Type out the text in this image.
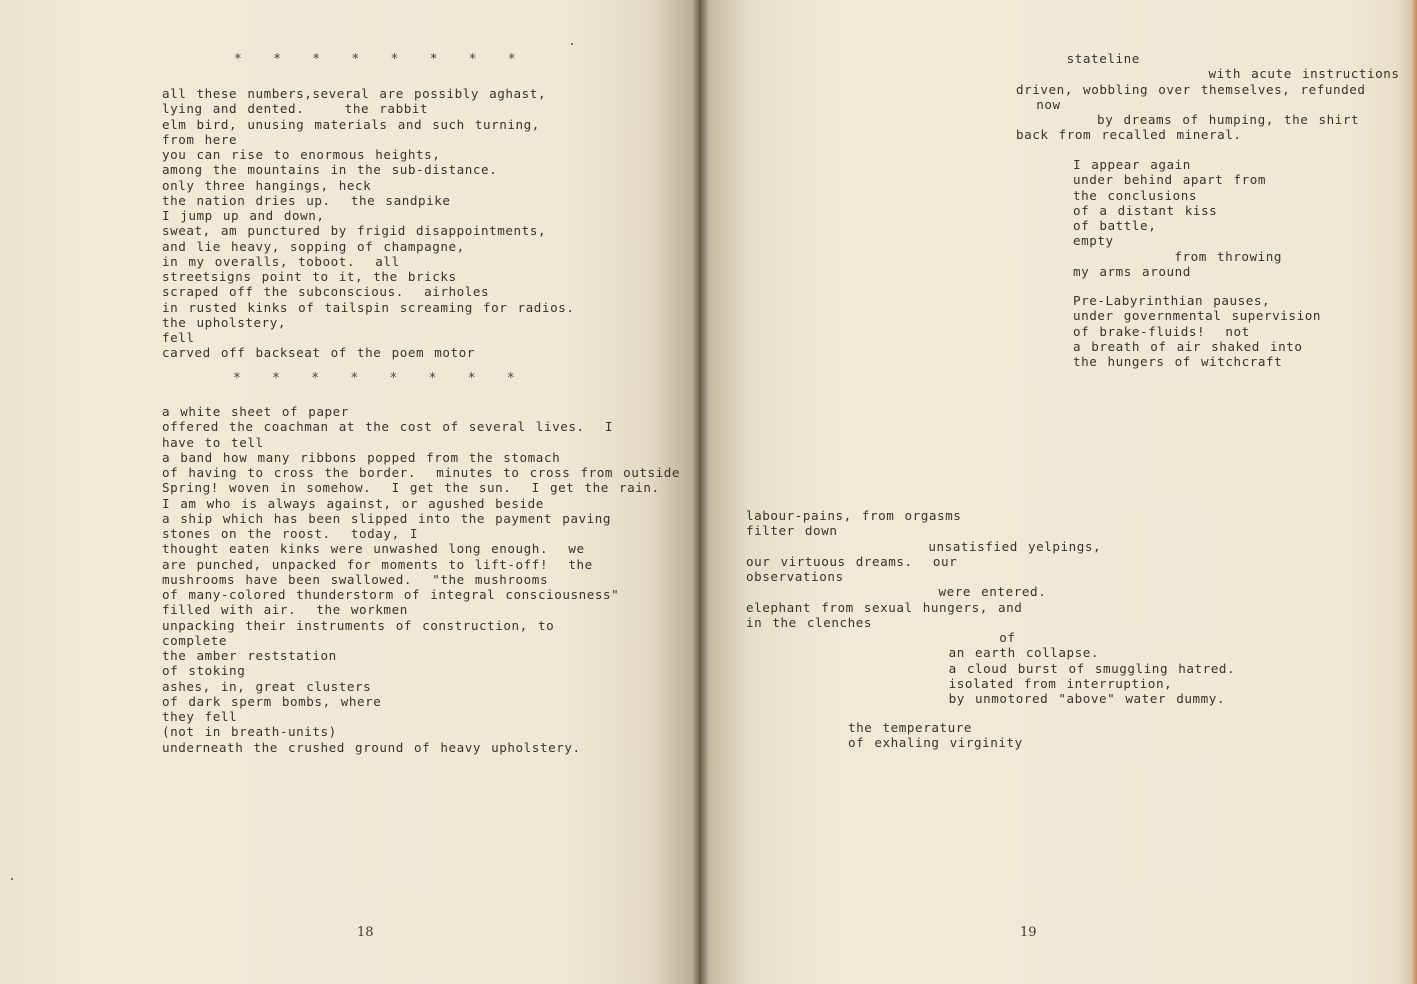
*    *    *    *    *    *    *    *
all these numbers,several are possibly aghast,
lying and dented.    the rabbit
elm bird, unusing materials and such turning,
from here
you can rise to enormous heights,
among the mountains in the sub-distance.
only three hangings, heck
the nation dries up.  the sandpike
I jump up and down,
sweat, am punctured by frigid disappointments,
and lie heavy, sopping of champagne,
in my overalls, toboot.  all
streetsigns point to it, the bricks
scraped off the subconscious.  airholes
in rusted kinks of tailspin screaming for radios.
the upholstery,
fell
carved off backseat of the poem motor
*    *    *    *    *    *    *    *
a white sheet of paper
offered the coachman at the cost of several lives.  I
have to tell
a band how many ribbons popped from the stomach
of having to cross the border.  minutes to cross from outside
Spring! woven in somehow.  I get the sun.  I get the rain.
I am who is always against, or agushed beside
a ship which has been slipped into the payment paving
stones on the roost.  today, I
thought eaten kinks were unwashed long enough.  we
are punched, unpacked for moments to lift-off!  the
mushrooms have been swallowed.  "the mushrooms
of many-colored thunderstorm of integral consciousness"
filled with air.  the workmen
unpacking their instruments of construction, to
complete
the amber reststation
of stoking
ashes, in, great clusters
of dark sperm bombs, where
they fell
(not in breath-units)
underneath the crushed ground of heavy upholstery.

18

stateline
with acute instructions
driven, wobbling over themselves, refunded
now
by dreams of humping, the shirt
back from recalled mineral.
I appear again
under behind apart from
the conclusions
of a distant kiss
of battle,
empty
from throwing
my arms around
Pre-Labyrinthian pauses,
under governmental supervision
of brake-fluids!  not
a breath of air shaked into
the hungers of witchcraft
labour-pains, from orgasms
filter down
unsatisfied yelpings,
our virtuous dreams.  our
observations
were entered.
elephant from sexual hungers, and
in the clenches
of
an earth collapse.
a cloud burst of smuggling hatred.
isolated from interruption,
by unmotored "above" water dummy.
the temperature
of exhaling virginity

19
